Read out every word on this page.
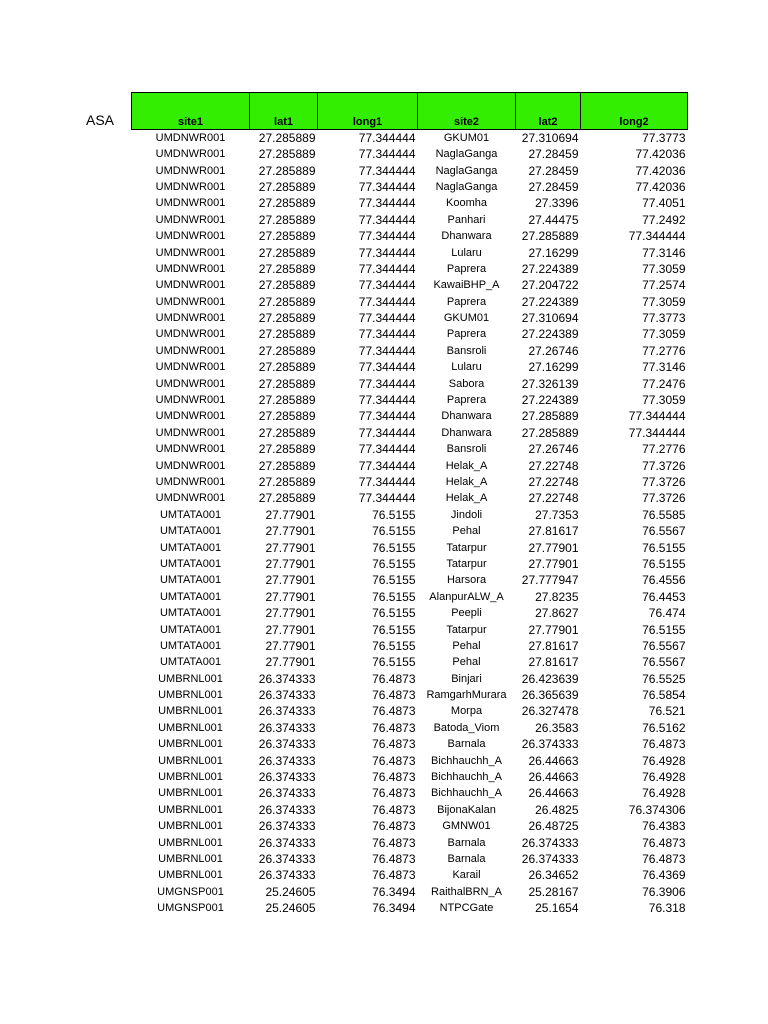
ASA	site1	lat1	long1	site2	lat2	long2
UMDNWR001	27.285889	77.344444	GKUM01	27.310694	77.3773
UMDNWR001	27.285889	77.344444	NaglaGanga	27.28459	77.42036
UMDNWR001	27.285889	77.344444	NaglaGanga	27.28459	77.42036
UMDNWR001	27.285889	77.344444	NaglaGanga	27.28459	77.42036
UMDNWR001	27.285889	77.344444	Koomha	27.3396	77.4051
UMDNWR001	27.285889	77.344444	Panhari	27.44475	77.2492
UMDNWR001	27.285889	77.344444	Dhanwara	27.285889	77.344444
UMDNWR001	27.285889	77.344444	Lularu	27.16299	77.3146
UMDNWR001	27.285889	77.344444	Paprera	27.224389	77.3059
UMDNWR001	27.285889	77.344444	KawaiBHP_A	27.204722	77.2574
UMDNWR001	27.285889	77.344444	Paprera	27.224389	77.3059
UMDNWR001	27.285889	77.344444	GKUM01	27.310694	77.3773
UMDNWR001	27.285889	77.344444	Paprera	27.224389	77.3059
UMDNWR001	27.285889	77.344444	Bansroli	27.26746	77.2776
UMDNWR001	27.285889	77.344444	Lularu	27.16299	77.3146
UMDNWR001	27.285889	77.344444	Sabora	27.326139	77.2476
UMDNWR001	27.285889	77.344444	Paprera	27.224389	77.3059
UMDNWR001	27.285889	77.344444	Dhanwara	27.285889	77.344444
UMDNWR001	27.285889	77.344444	Dhanwara	27.285889	77.344444
UMDNWR001	27.285889	77.344444	Bansroli	27.26746	77.2776
UMDNWR001	27.285889	77.344444	Helak_A	27.22748	77.3726
UMDNWR001	27.285889	77.344444	Helak_A	27.22748	77.3726
UMDNWR001	27.285889	77.344444	Helak_A	27.22748	77.3726
UMTATA001	27.77901	76.5155	Jindoli	27.7353	76.5585
UMTATA001	27.77901	76.5155	Pehal	27.81617	76.5567
UMTATA001	27.77901	76.5155	Tatarpur	27.77901	76.5155
UMTATA001	27.77901	76.5155	Tatarpur	27.77901	76.5155
UMTATA001	27.77901	76.5155	Harsora	27.777947	76.4556
UMTATA001	27.77901	76.5155	AlanpurALW_A	27.8235	76.4453
UMTATA001	27.77901	76.5155	Peepli	27.8627	76.474
UMTATA001	27.77901	76.5155	Tatarpur	27.77901	76.5155
UMTATA001	27.77901	76.5155	Pehal	27.81617	76.5567
UMTATA001	27.77901	76.5155	Pehal	27.81617	76.5567
UMBRNL001	26.374333	76.4873	Binjari	26.423639	76.5525
UMBRNL001	26.374333	76.4873	RamgarhMurara	26.365639	76.5854
UMBRNL001	26.374333	76.4873	Morpa	26.327478	76.521
UMBRNL001	26.374333	76.4873	Batoda_Viom	26.3583	76.5162
UMBRNL001	26.374333	76.4873	Barnala	26.374333	76.4873
UMBRNL001	26.374333	76.4873	Bichhauchh_A	26.44663	76.4928
UMBRNL001	26.374333	76.4873	Bichhauchh_A	26.44663	76.4928
UMBRNL001	26.374333	76.4873	Bichhauchh_A	26.44663	76.4928
UMBRNL001	26.374333	76.4873	BijonaKalan	26.4825	76.374306
UMBRNL001	26.374333	76.4873	GMNW01	26.48725	76.4383
UMBRNL001	26.374333	76.4873	Barnala	26.374333	76.4873
UMBRNL001	26.374333	76.4873	Barnala	26.374333	76.4873
UMBRNL001	26.374333	76.4873	Karail	26.34652	76.4369
UMGNSP001	25.24605	76.3494	RaithalBRN_A	25.28167	76.3906
UMGNSP001	25.24605	76.3494	NTPCGate	25.1654	76.318
